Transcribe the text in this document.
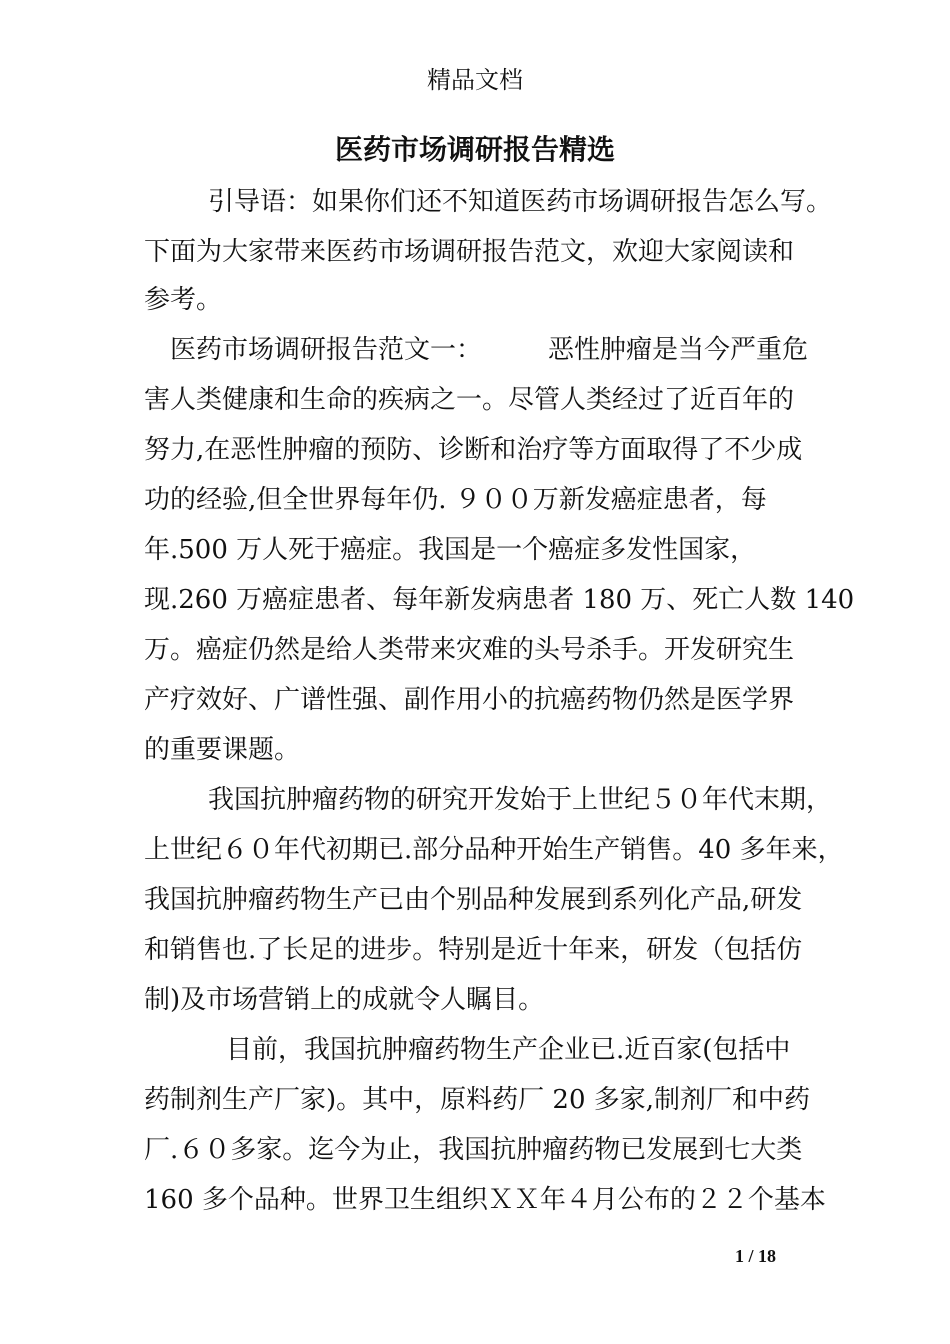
精品文档
医药市场调研报告精选
引导语：如果你们还不知道医药市场调研报告怎么写。
下面为大家带来医药市场调研报告范文，欢迎大家阅读和
参考。
医药市场调研报告范文一：	恶性肿瘤是当今严重危
害人类健康和生命的疾病之一。尽管人类经过了近百年的
努力,在恶性肿瘤的预防、诊断和治疗等方面取得了不少成
功的经验,但全世界每年仍. ９００万新发癌症患者，每
年.500 万人死于癌症。我国是一个癌症多发性国家，
现.260 万癌症患者、每年新发病患者 180 万、死亡人数 140
万。癌症仍然是给人类带来灾难的头号杀手。开发研究生
产疗效好、广谱性强、副作用小的抗癌药物仍然是医学界
的重要课题。
我国抗肿瘤药物的研究开发始于上世纪５０年代末期，
上世纪６０年代初期已.部分品种开始生产销售。40 多年来，
我国抗肿瘤药物生产已由个别品种发展到系列化产品,研发
和销售也.了长足的进步。特别是近十年来，研发（包括仿
制)及市场营销上的成就令人瞩目。
目前，我国抗肿瘤药物生产企业已.近百家(包括中
药制剂生产厂家)。其中，原料药厂 20 多家,制剂厂和中药
厂.６０多家。迄今为止，我国抗肿瘤药物已发展到七大类
160 多个品种。世界卫生组织ＸＸ年４月公布的２２个基本
1 / 18
